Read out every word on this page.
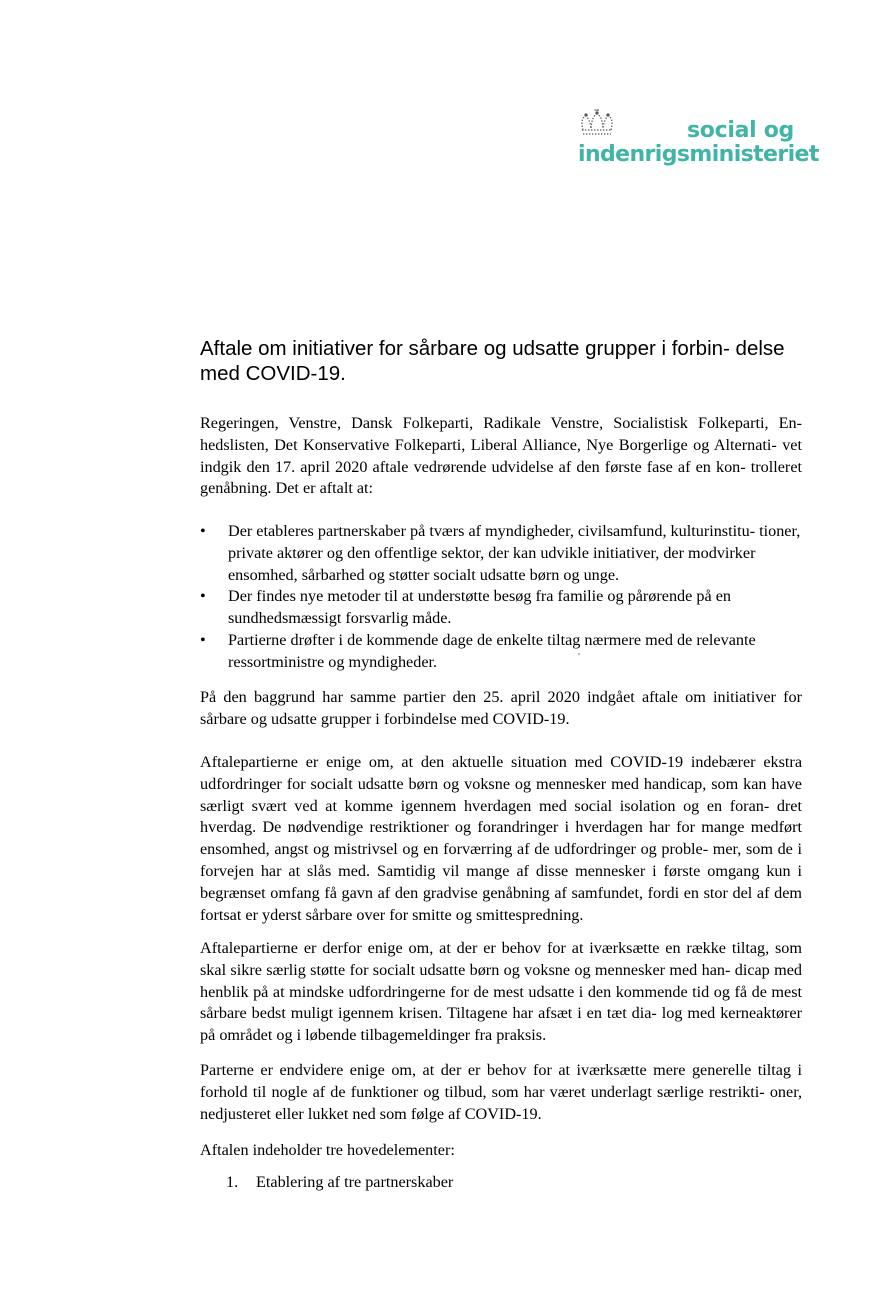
social og
indenrigsministeriet
Aftale om initiativer for sårbare og udsatte grupper i forbin- delse med COVID-19.
Regeringen, Venstre, Dansk Folkeparti, Radikale Venstre, Socialistisk Folkeparti, En- hedslisten, Det Konservative Folkeparti, Liberal Alliance, Nye Borgerlige og Alternati- vet indgik den 17. april 2020 aftale vedrørende udvidelse af den første fase af en kon- trolleret genåbning. Det er aftalt at:
• Der etableres partnerskaber på tværs af myndigheder, civilsamfund, kulturinstitu- tioner, private aktører og den offentlige sektor, der kan udvikle initiativer, der modvirker ensomhed, sårbarhed og støtter socialt udsatte børn og unge.
• Der findes nye metoder til at understøtte besøg fra familie og pårørende på en sundhedsmæssigt forsvarlig måde.
• Partierne drøfter i de kommende dage de enkelte tiltag nærmere med de relevante ressortministre og myndigheder.
På den baggrund har samme partier den 25. april 2020 indgået aftale om initiativer for sårbare og udsatte grupper i forbindelse med COVID-19.
Aftalepartierne er enige om, at den aktuelle situation med COVID-19 indebærer ekstra udfordringer for socialt udsatte børn og voksne og mennesker med handicap, som kan have særligt svært ved at komme igennem hverdagen med social isolation og en foran- dret hverdag. De nødvendige restriktioner og forandringer i hverdagen har for mange medført ensomhed, angst og mistrivsel og en forværring af de udfordringer og proble- mer, som de i forvejen har at slås med. Samtidig vil mange af disse mennesker i første omgang kun i begrænset omfang få gavn af den gradvise genåbning af samfundet, fordi en stor del af dem fortsat er yderst sårbare over for smitte og smittespredning.
Aftalepartierne er derfor enige om, at der er behov for at iværksætte en række tiltag, som skal sikre særlig støtte for socialt udsatte børn og voksne og mennesker med han- dicap med henblik på at mindske udfordringerne for de mest udsatte i den kommende tid og få de mest sårbare bedst muligt igennem krisen. Tiltagene har afsæt i en tæt dia- log med kerneaktører på området og i løbende tilbagemeldinger fra praksis.
Parterne er endvidere enige om, at der er behov for at iværksætte mere generelle tiltag i forhold til nogle af de funktioner og tilbud, som har været underlagt særlige restrikti- oner, nedjusteret eller lukket ned som følge af COVID-19.
Aftalen indeholder tre hovedelementer:
1. Etablering af tre partnerskaber
